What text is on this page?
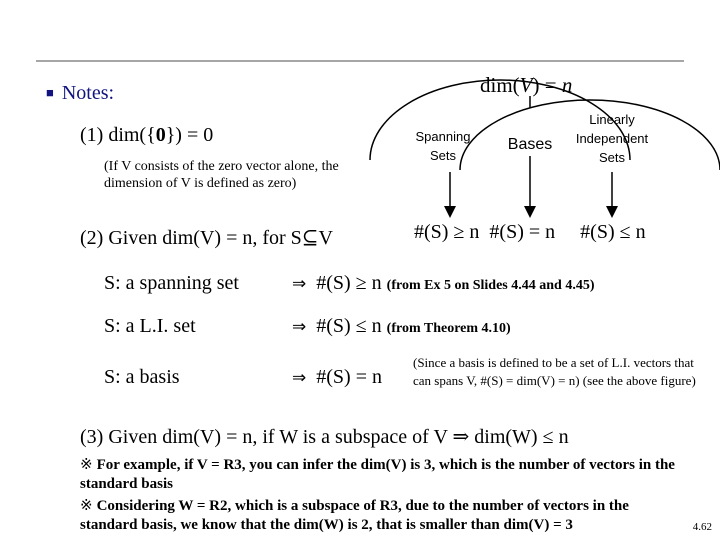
■ Notes:	dim(V) = n
Spanning
Sets
Bases
Linearly
Independent
Sets
(1) dim({0}) = 0
(If V consists of the zero vector alone, the dimension of V is defined as zero)
(2) Given dim(V) = n, for S⊆V	#(S) ≥ n #(S) = n #(S) ≤ n
S: a spanning set	⇒ #(S) ≥ n (from Ex 5 on Slides 4.44 and 4.45)
S: a L.I. set	⇒ #(S) ≤ n (from Theorem 4.10)
S: a basis	⇒ #(S) = n
(Since a basis is defined to be a set of L.I. vectors that can spans V, #(S) = dim(V) = n) (see the above figure)
(3) Given dim(V) = n, if W is a subspace of V ⇒ dim(W) ≤ n
※ For example, if V = R3, you can infer the dim(V) is 3, which is the number of vectors in the standard basis
※ Considering W = R2, which is a subspace of R3, due to the number of vectors in the standard basis, we know that the dim(W) is 2, that is smaller than dim(V) = 3	4.62
